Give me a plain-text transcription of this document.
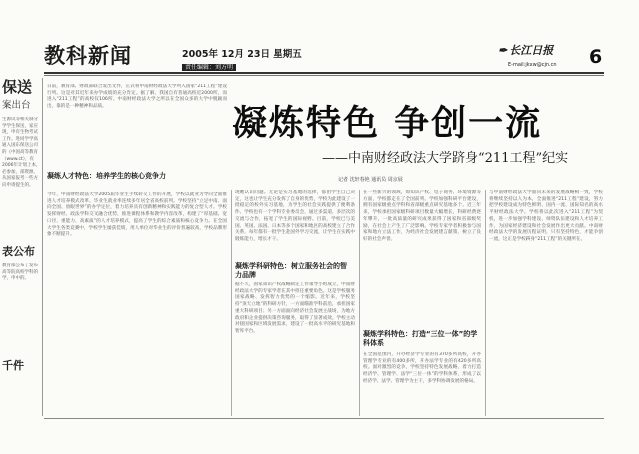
教科新闻	2005年 12月 23日 星期五
责任编辑：刘方明
✒ 长江日报
E-mail:jkxw@cjn.cn 6
保送
案出台
生源试等相关制分学学生保送，家应现，申有生物考试工作。进同学学高通入国东保送公司的《中国高等教育（www.ct），有2006年计划上本，必参加，部资源，从国家报考一些方向申请提生的。
表公布
教育部公布了发布高等院高校学科的学，申中的。
千件
凝炼特色 争创一流
——中南财经政法大学跻身“211工程”纪实
记者 沈轩春艳 通讯员 周京展
日前，教育部、财政部联合发出文件，正式将中南财经政法大学列入国家“211工程”建设行列。这是对其近年来办学成绩的充分肯定。据了解，我国自有普通高校近2000所，而进入“211工程”的高校仅106所。中南财经政法大学之所以在全国众多的大学中脱颖而出，靠的是一种精神和品质。
凝练人才特色：培养学生的核心竞争力
今年，中南财经政法大学2005届毕业生手续转交工作的开展，学校以就业为导向全面推进人才培养模式改革。毕业生就业率连续多年居全省高校前列。学校坚持“立足中南、面向全国、放眼世界”的办学定位，着力培养具有创新精神和实践能力的复合型人才。学校发挥财经、政法学科交叉融合优势，推进课程体系和教学内容改革，构建了“厚基础、宽口径、重能力、高素质”的人才培养模式，提高了学生的综合素质和核心竞争力。在全国大学生各类竞赛中，学校学生屡获佳绩，用人单位对毕业生的评价普遍较高，学校品牌形象不断提升。
现她认识问题。无论是实习基地的选择，都由学生自己决定，这也让学生充分发挥了自身的优势，学校为此建设了一批稳定的校外实习基地，为学生的社会实践提供了便利条件。学校也有一个学科专业委员会，通过多渠道、多层次的交流与合作，拓宽了学生的国际视野。目前，学校已与美国、英国、法国、日本等多个国家和地区的高校建立了合作关系，每年都有一批学生赴国外学习交流，让学生在实践中锻炼能力，增长才干。
凝炼学科研特色：树立服务社会的智力品牌
据不久，国家知识产权战略制定工作领导小组成立，中南财经政法大学的专家学者在其中担任重要角色。这是学校服务国家战略、发挥智力优势的一个缩影。近年来，学校坚持“顶天立地”的科研方针，一方面瞄准学科前沿，承担国家重大科研项目；另一方面面向经济社会发展主战场，为地方政府和企业提供决策咨询服务，取得了显著成效。学校主动对接国家和区域发展需求，建设了一批高水平的研究基地和智库平台。
在一些新兴的领域，如知识产权、电子商务、环境资源等方面，学校都走在了全国前列。学校加强科研平台建设，拥有国家级重点学科和省部级重点研究基地多个。近三年来，学校承担国家级科研项目数量大幅增长，科研经费逐年攀升，一批高质量的研究成果获得了国家和省部级奖励，在社会上产生了广泛影响。学校专家学者积极参与国家和地方立法工作，为经济社会发展建言献策，树立了良好的社会声誉。
凝炼学科特色：打造“三位一体”的学科体系
在全国范围内，开办经济学专业的有370多所高校，开办管理学专业的有400多所，开办法学专业的有420多所高校。面对激烈的竞争，学校坚持特色发展战略，着力打造经济学、管理学、法学“三位一体”的学科体系，形成了以经济学、法学、管理学为主干，多学科协调发展的格局。
与中南财经政法大学面向未来的发展战略相一致，学校将继续坚持以人为本，全面推进“211工程”建设，努力把学校建设成为特色鲜明、国内一流、国际知名的高水平财经政法大学。学校将以此次进入“211工程”为契机，进一步加强学科建设、师资队伍建设和人才培养工作，为国家经济建设和社会发展作出更大贡献。中南财经政法大学的发展历程证明，只有坚持特色，才能争创一流，这正是学校跻身“211工程”的关键所在。
